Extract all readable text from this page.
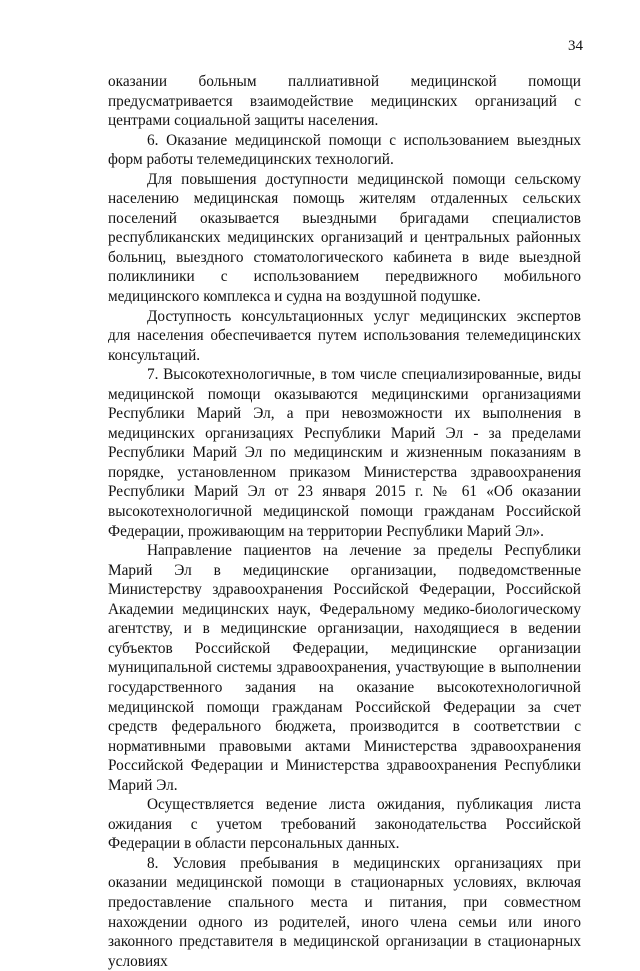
34

оказании больным паллиативной медицинской помощи предусматривается взаимодействие медицинских организаций с центрами социальной защиты населения.

6. Оказание медицинской помощи с использованием выездных форм работы телемедицинских технологий.

Для повышения доступности медицинской помощи сельскому населению медицинская помощь жителям отдаленных сельских поселений оказывается выездными бригадами специалистов республиканских медицинских организаций и центральных районных больниц, выездного стоматологического кабинета в виде выездной поликлиники с использованием передвижного мобильного медицинского комплекса и судна на воздушной подушке.

Доступность консультационных услуг медицинских экспертов для населения обеспечивается путем использования телемедицинских консультаций.

7. Высокотехнологичные, в том числе специализированные, виды медицинской помощи оказываются медицинскими организациями Республики Марий Эл, а при невозможности их выполнения в медицинских организациях Республики Марий Эл - за пределами Республики Марий Эл по медицинским и жизненным показаниям в порядке, установленном приказом Министерства здравоохранения Республики Марий Эл от 23 января 2015 г. № 61 «Об оказании высокотехнологичной медицинской помощи гражданам Российской Федерации, проживающим на территории Республики Марий Эл».

Направление пациентов на лечение за пределы Республики Марий Эл в медицинские организации, подведомственные Министерству здравоохранения Российской Федерации, Российской Академии медицинских наук, Федеральному медико-биологическому агентству, и в медицинские организации, находящиеся в ведении субъектов Российской Федерации, медицинские организации муниципальной системы здравоохранения, участвующие в выполнении государственного задания на оказание высокотехнологичной медицинской помощи гражданам Российской Федерации за счет средств федерального бюджета, производится в соответствии с нормативными правовыми актами Министерства здравоохранения Российской Федерации и Министерства здравоохранения Республики Марий Эл.

Осуществляется ведение листа ожидания, публикация листа ожидания с учетом требований законодательства Российской Федерации в области персональных данных.

8. Условия пребывания в медицинских организациях при оказании медицинской помощи в стационарных условиях, включая предоставление спального места и питания, при совместном нахождении одного из родителей, иного члена семьи или иного законного представителя в медицинской организации в стационарных условиях
